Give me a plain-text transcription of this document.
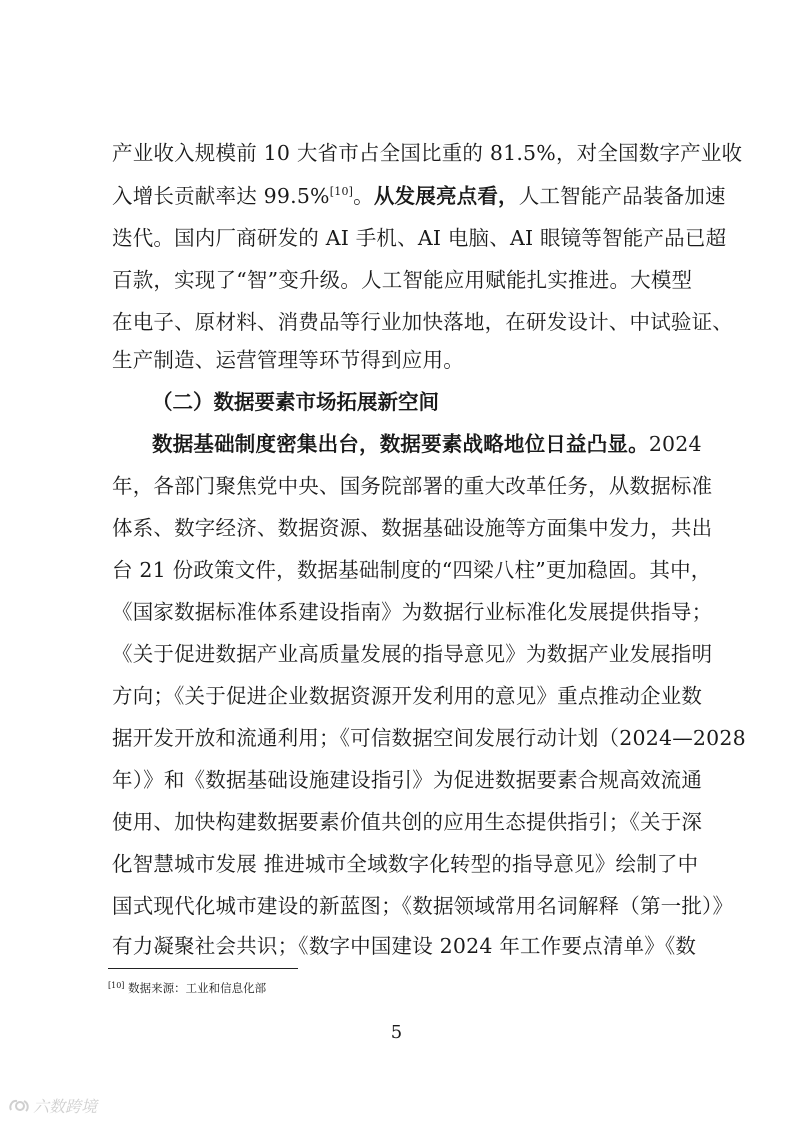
产业收入规模前 10 大省市占全国比重的 81.5%，对全国数字产业收
入增长贡献率达 99.5%[10]。从发展亮点看，人工智能产品装备加速
迭代。国内厂商研发的 AI 手机、AI 电脑、AI 眼镜等智能产品已超
百款，实现了“智”变升级。人工智能应用赋能扎实推进。大模型
在电子、原材料、消费品等行业加快落地，在研发设计、中试验证、
生产制造、运营管理等环节得到应用。
（二）数据要素市场拓展新空间
数据基础制度密集出台，数据要素战略地位日益凸显。2024
年，各部门聚焦党中央、国务院部署的重大改革任务，从数据标准
体系、数字经济、数据资源、数据基础设施等方面集中发力，共出
台 21 份政策文件，数据基础制度的“四梁八柱”更加稳固。其中，
《国家数据标准体系建设指南》为数据行业标准化发展提供指导；
《关于促进数据产业高质量发展的指导意见》为数据产业发展指明
方向；《关于促进企业数据资源开发利用的意见》重点推动企业数
据开发开放和流通利用；《可信数据空间发展行动计划（2024—2028
年）》和《数据基础设施建设指引》为促进数据要素合规高效流通
使用、加快构建数据要素价值共创的应用生态提供指引；《关于深
化智慧城市发展 推进城市全域数字化转型的指导意见》绘制了中
国式现代化城市建设的新蓝图；《数据领域常用名词解释（第一批）》
有力凝聚社会共识；《数字中国建设 2024 年工作要点清单》《数
[10] 数据来源：工业和信息化部
5
六数跨境
